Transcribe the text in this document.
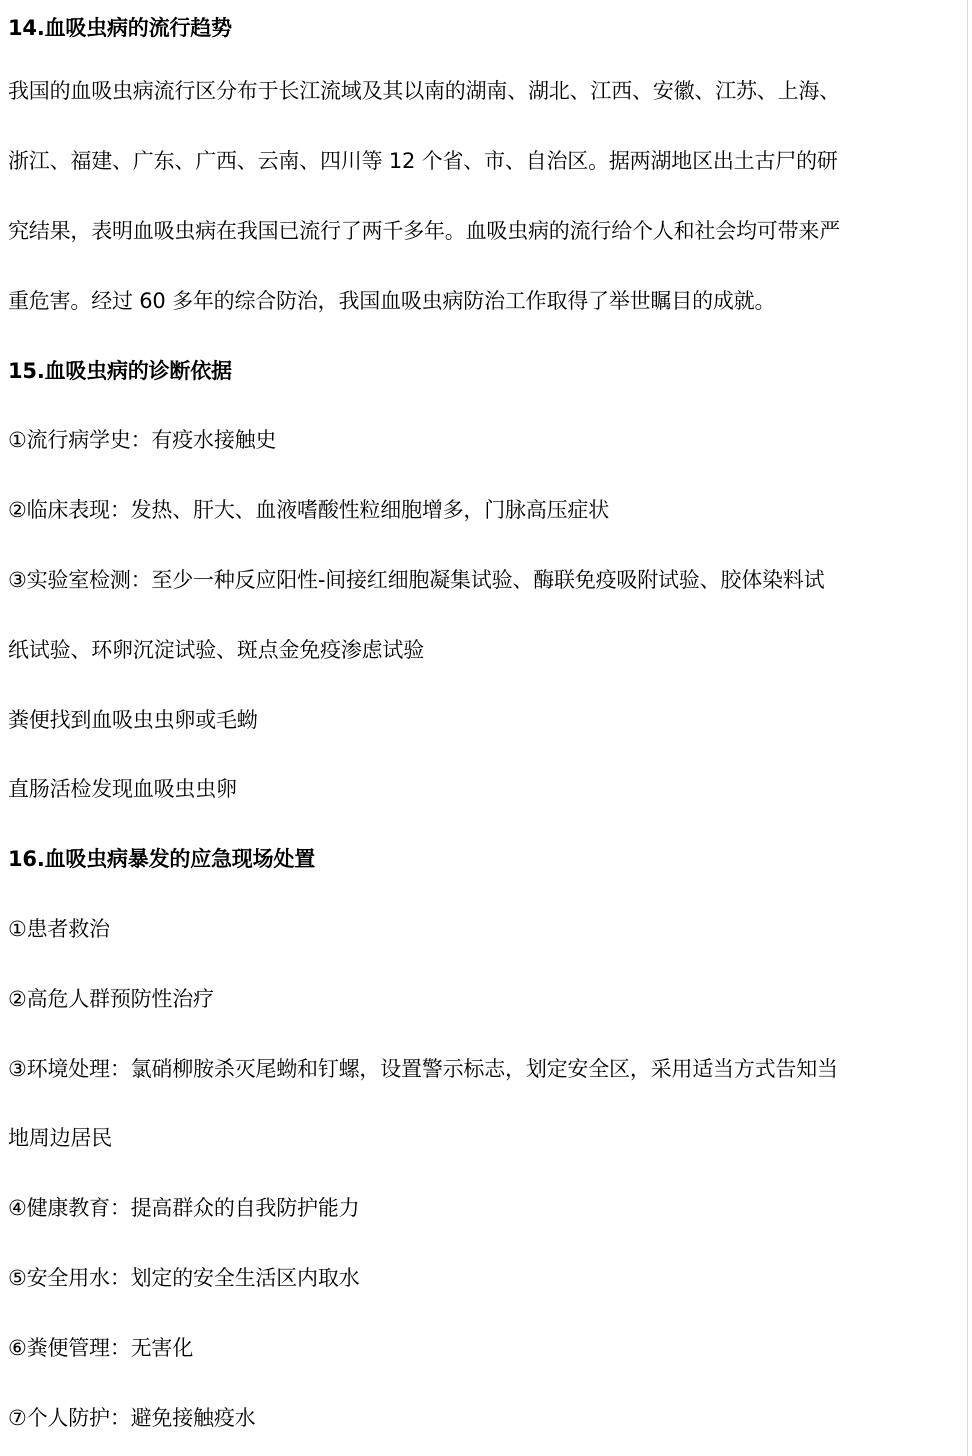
14.血吸虫病的流行趋势
我国的血吸虫病流行区分布于长江流域及其以南的湖南、湖北、江西、安徽、江苏、上海、
浙江、福建、广东、广西、云南、四川等 12 个省、市、自治区。据两湖地区出土古尸的研
究结果，表明血吸虫病在我国已流行了两千多年。血吸虫病的流行给个人和社会均可带来严
重危害。经过 60 多年的综合防治，我国血吸虫病防治工作取得了举世瞩目的成就。
15.血吸虫病的诊断依据
①流行病学史：有疫水接触史
②临床表现：发热、肝大、血液嗜酸性粒细胞增多，门脉高压症状
③实验室检测：至少一种反应阳性-间接红细胞凝集试验、酶联免疫吸附试验、胶体染料试
纸试验、环卵沉淀试验、斑点金免疫渗虑试验
粪便找到血吸虫虫卵或毛蚴
直肠活检发现血吸虫虫卵
16.血吸虫病暴发的应急现场处置
①患者救治
②高危人群预防性治疗
③环境处理：氯硝柳胺杀灭尾蚴和钉螺，设置警示标志，划定安全区，采用适当方式告知当
地周边居民
④健康教育：提高群众的自我防护能力
⑤安全用水：划定的安全生活区内取水
⑥粪便管理：无害化
⑦个人防护：避免接触疫水
